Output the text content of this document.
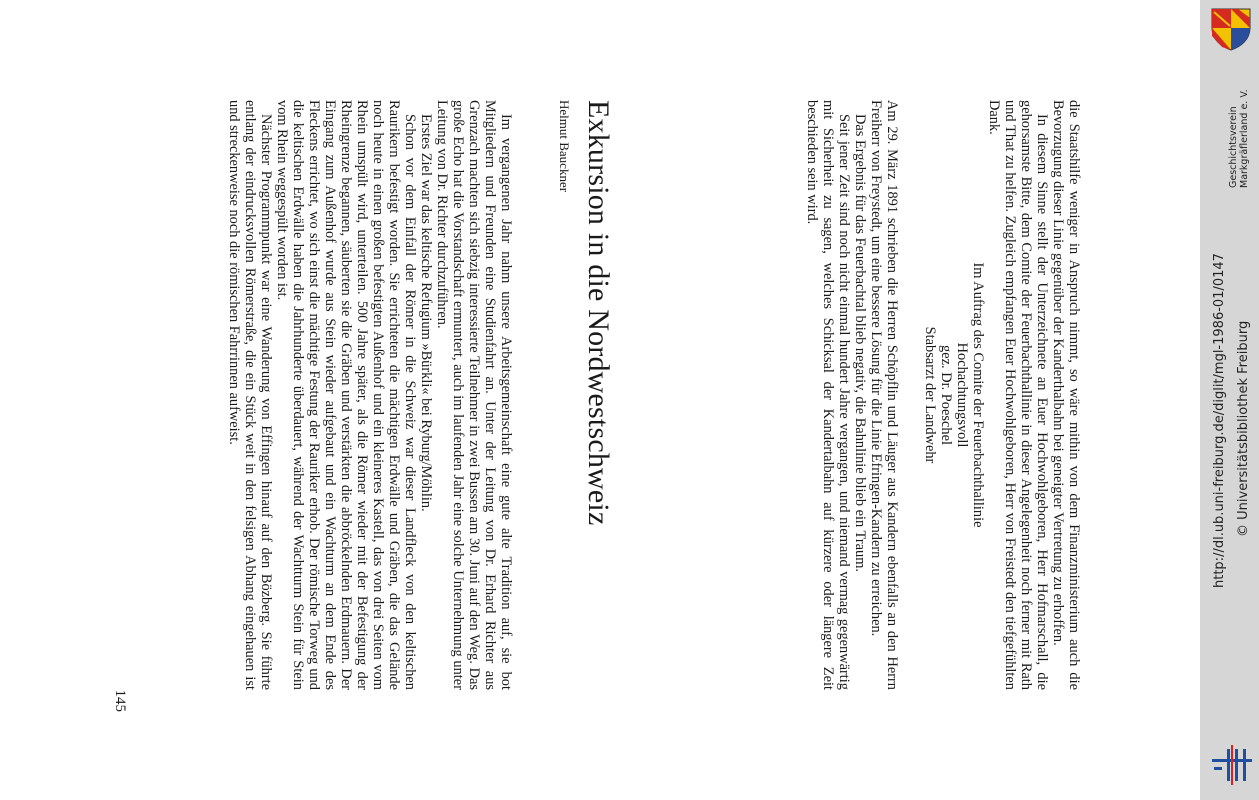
die Staatshilfe weniger in Anspruch nimmt, so wäre mithin von dem Finanzministerium auch die Bevorzugung dieser Linie gegenüber der Kanderthalbahn bei geneigter Vertretung zu erhoffen.

In diesem Sinne stellt der Unterzeichnete an Euer Hochwohlgeboren, Herr Hofmarschall, die gehorsamste Bitte, dem Comite der Feuerbachthallinie in dieser Angelegenheit noch ferner mit Rath und That zu helfen. Zugleich empfangen Euer Hochwohlgeboren, Herr von Freistedt den tiefgefühlten Dank.

Im Auftrag des Comite der Feuerbachthallinie
Hochachtungsvoll
gez. Dr. Poeschel
Stabsarzt der Landwehr

Am 29. März 1891 schrieben die Herren Schöpflin und Läuger aus Kandern ebenfalls an den Herrn Freiherr von Freystedt, um eine bessere Lösung für die Linie Efringen-Kandern zu erreichen.

Das Ergebnis für das Feuerbachtal blieb negativ, die Bahnlinie blieb ein Traum.

Seit jener Zeit sind noch nicht einmal hundert Jahre vergangen, und niemand vermag gegenwärtig mit Sicherheit zu sagen, welches Schicksal der Kandertalbahn auf kürzere oder längere Zeit beschieden sein wird.

Exkursion in die Nordwestschweiz
Helmut Bauckner

Im vergangenen Jahr nahm unsere Arbeitsgemeinschaft eine gute alte Tradition auf, sie bot Mitgliedern und Freunden eine Studienfahrt an. Unter der Leitung von Dr. Erhard Richter aus Grenzach machten sich siebzig interessierte Teilnehmer in zwei Bussen am 30. Juni auf den Weg. Das große Echo hat die Vorstandschaft ermuntert, auch im laufenden Jahr eine solche Unternehmung unter Leitung von Dr. Richter durchzuführen.

Erstes Ziel war das keltische Refugium »Bürkli« bei Ryburg/Möhlin.

Schon vor dem Einfall der Römer in die Schweiz war dieser Landfleck von den keltischen Raurikern befestigt worden. Sie errichteten die mächtigen Erdwälle und Gräben, die das Gelände noch heute in einen großen befestigten Außenhof und ein kleineres Kastell, das von drei Seiten vom Rhein umspült wird, unterteilen. 500 Jahre später, als die Römer wieder mit der Befestigung der Rheingrenze begannen, säuberten sie die Gräben und verstärkten die abbröckelnden Erdmauern. Der Eingang zum Außenhof wurde aus Stein wieder aufgebaut und ein Wachturm an dem Ende des Fleckens errichtet, wo sich einst die mächtige Festung der Rauriker erhob. Der römische Torweg und die keltischen Erdwälle haben die Jahrhunderte überdauert, während der Wachtturm Stein für Stein vom Rhein weggespült worden ist.

Nächster Programmpunkt war eine Wanderung von Effingen hinauf auf den Bözberg. Sie führte entlang der eindrucksvollen Römerstraße, die ein Stück weit in den felsigen Abhang eingehauen ist und streckenweise noch die römischen Fahrrinnen aufweist.

145
Geschichtsverein Markgräflerland e. V.
© Universitätsbibliothek Freiburg
http://dl.ub.uni-freiburg.de/diglit/mgl-1986-01/0147
